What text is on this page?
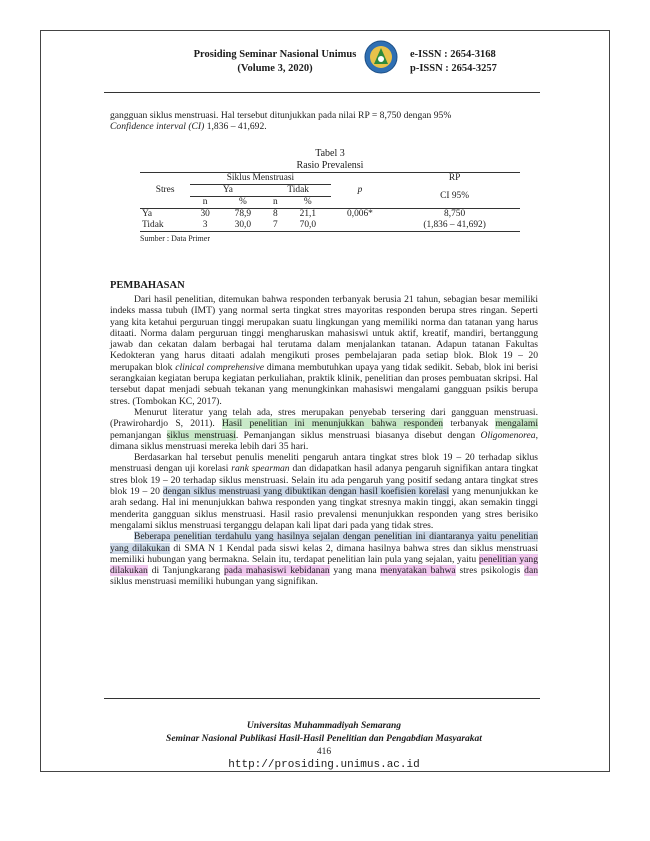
Prosiding Seminar Nasional Unimus
(Volume 3, 2020)
e-ISSN : 2654-3168
p-ISSN : 2654-3257
gangguan siklus menstruasi. Hal tersebut ditunjukkan pada nilai RP = 8,750 dengan 95%
Confidence interval (CI) 1,836 – 41,692.
Tabel 3
Rasio Prevalensi
Stres	Siklus Menstruasi				p	RP
	Ya		Tidak			CI 95%
	n	%	n	%		
Ya	30	78,9	8	21,1	0,006*	8,750
Tidak	3	30,0	7	70,0		(1,836 – 41,692)
Sumber : Data Primer
PEMBAHASAN

Dari hasil penelitian, ditemukan bahwa responden terbanyak berusia 21 tahun, sebagian besar memiliki indeks massa tubuh (IMT) yang normal serta tingkat stres mayoritas responden berupa stres ringan. Seperti yang kita ketahui perguruan tinggi merupakan suatu lingkungan yang memiliki norma dan tatanan yang harus ditaati. Norma dalam perguruan tinggi mengharuskan mahasiswi untuk aktif, kreatif, mandiri, bertanggung jawab dan cekatan dalam berbagai hal terutama dalam menjalankan tatanan. Adapun tatanan Fakultas Kedokteran yang harus ditaati adalah mengikuti proses pembelajaran pada setiap blok. Blok 19 – 20 merupakan blok clinical comprehensive dimana membutuhkan upaya yang tidak sedikit. Sebab, blok ini berisi serangkaian kegiatan berupa kegiatan perkuliahan, praktik klinik, penelitian dan proses pembuatan skripsi. Hal tersebut dapat menjadi sebuah tekanan yang menungkinkan mahasiswi mengalami gangguan psikis berupa stres. (Tombokan KC, 2017).

Menurut literatur yang telah ada, stres merupakan penyebab tersering dari gangguan menstruasi. (Prawirohardjo S, 2011). Hasil penelitian ini menunjukkan bahwa responden terbanyak mengalami pemanjangan siklus menstruasi. Pemanjangan siklus menstruasi biasanya disebut dengan Oligomenorea, dimana siklus menstruasi mereka lebih dari 35 hari.

Berdasarkan hal tersebut penulis meneliti pengaruh antara tingkat stres blok 19 – 20 terhadap siklus menstruasi dengan uji korelasi rank spearman dan didapatkan hasil adanya pengaruh signifikan antara tingkat stres blok 19 – 20 terhadap siklus menstruasi. Selain itu ada pengaruh yang positif sedang antara tingkat stres blok 19 – 20 dengan siklus menstruasi yang dibuktikan dengan hasil koefisien korelasi yang menunjukkan ke arah sedang. Hal ini menunjukkan bahwa responden yang tingkat stresnya makin tinggi, akan semakin tinggi menderita gangguan siklus menstruasi. Hasil rasio prevalensi menunjukkan responden yang stres berisiko mengalami siklus menstruasi terganggu delapan kali lipat dari pada yang tidak stres.

Beberapa penelitian terdahulu yang hasilnya sejalan dengan penelitian ini diantaranya yaitu penelitian yang dilakukan di SMA N 1 Kendal pada siswi kelas 2, dimana hasilnya bahwa stres dan siklus menstruasi memiliki hubungan yang bermakna. Selain itu, terdapat penelitian lain pula yang sejalan, yaitu penelitian yang dilakukan di Tanjungkarang pada mahasiswi kebidanan yang mana menyatakan bahwa stres psikologis dan siklus menstruasi memiliki hubungan yang signifikan.

Universitas Muhammadiyah Semarang
Seminar Nasional Publikasi Hasil-Hasil Penelitian dan Pengabdian Masyarakat
416
http://prosiding.unimus.ac.id
